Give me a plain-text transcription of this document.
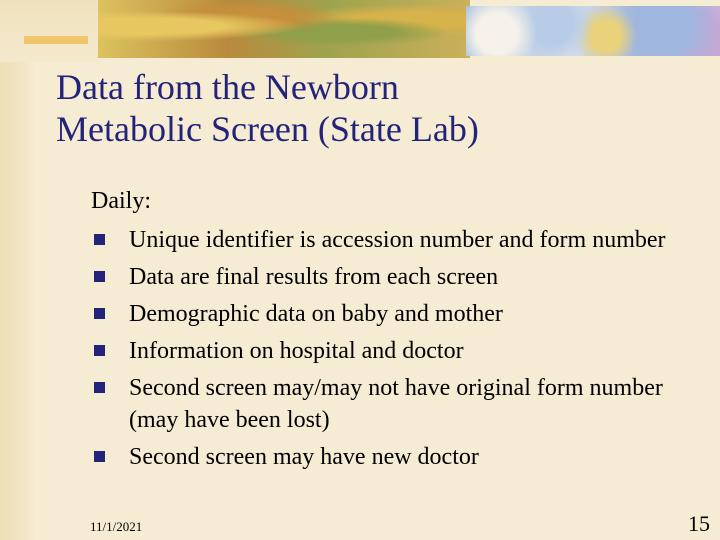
Data from the Newborn
Metabolic Screen (State Lab)
Daily:
Unique identifier is accession number and form number
Data are final results from each screen
Demographic data on baby and mother
Information on hospital and doctor
Second screen may/may not have original form number (may have been lost)
Second screen may have new doctor
11/1/2021	15
